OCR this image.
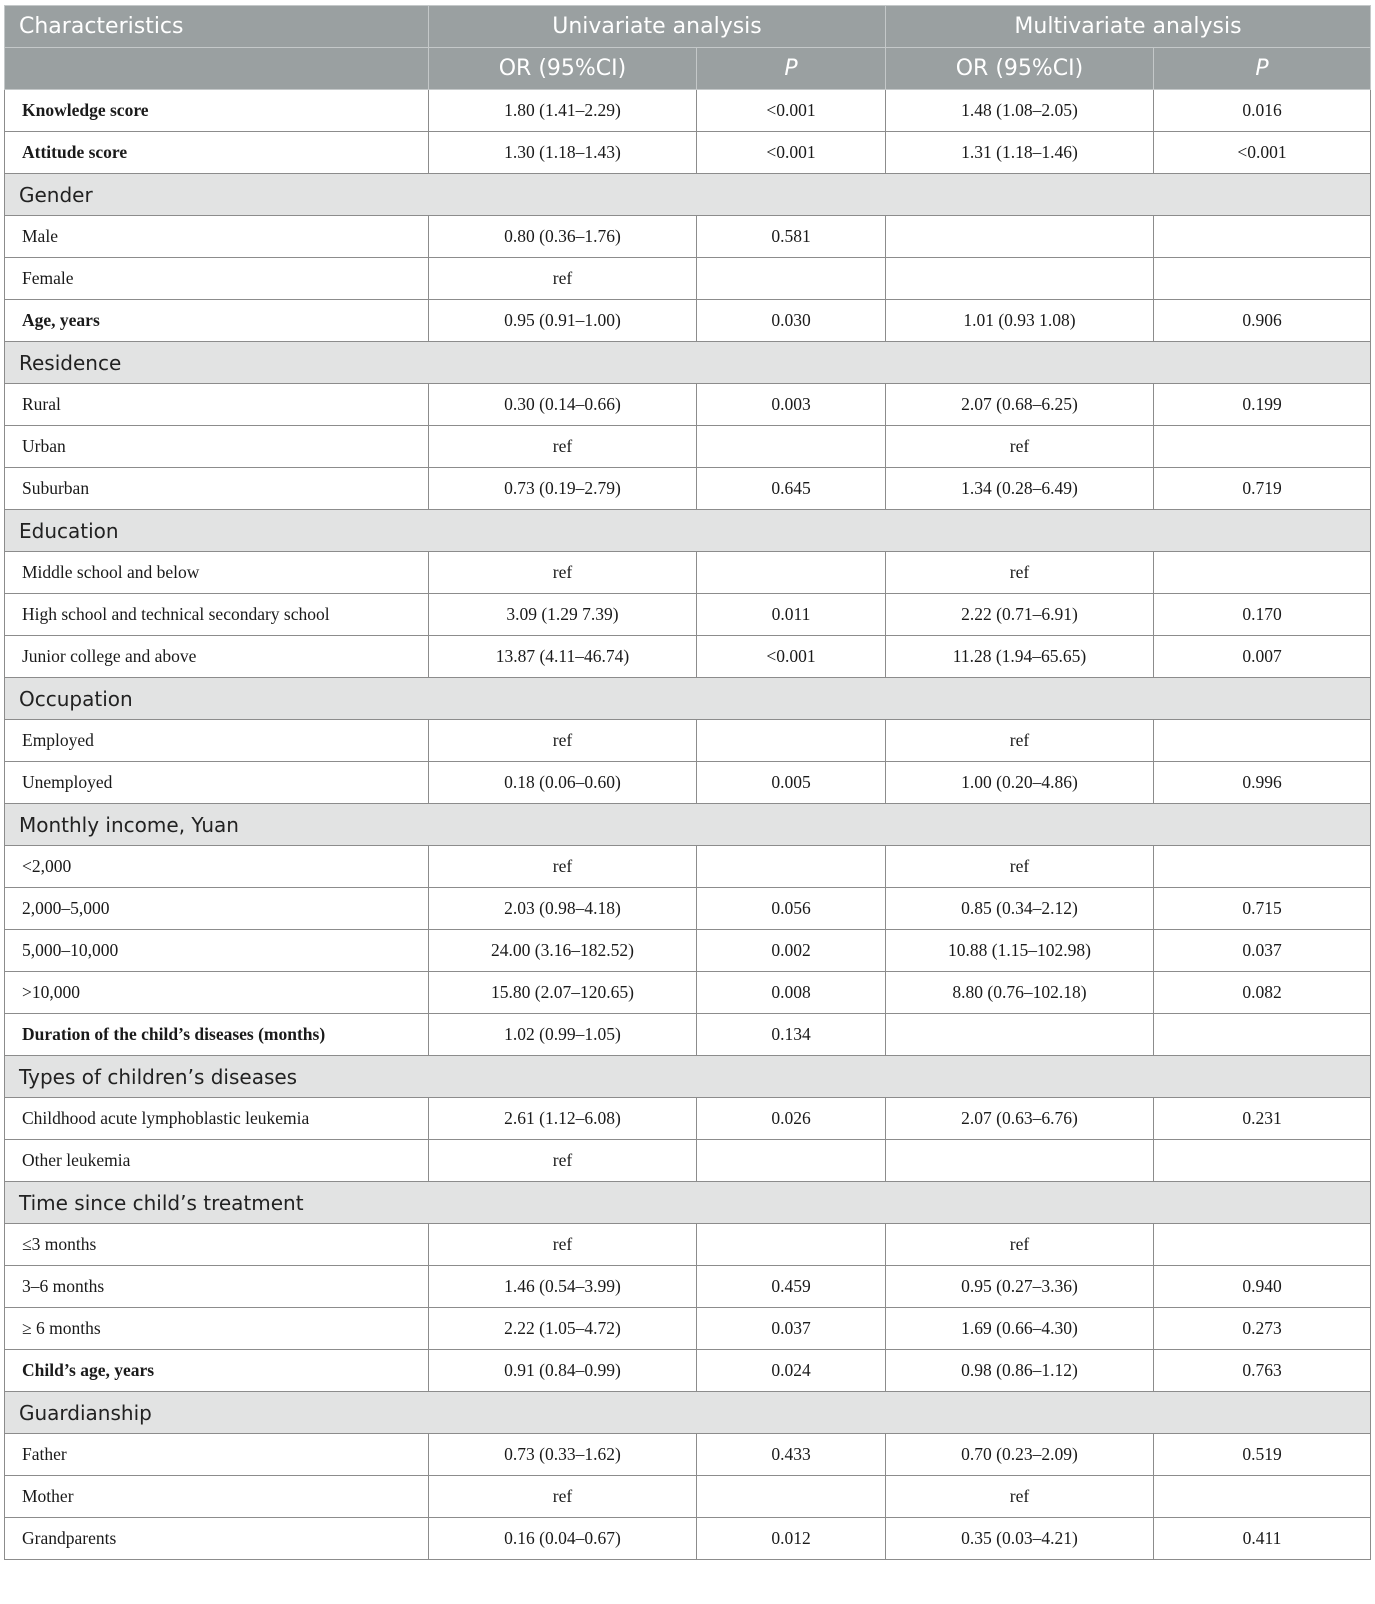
Characteristics	Univariate analysis		Multivariate analysis	
	OR (95%CI)	P	OR (95%CI)	P
Knowledge score	1.80 (1.41–2.29)	<0.001	1.48 (1.08–2.05)	0.016
Attitude score	1.30 (1.18–1.43)	<0.001	1.31 (1.18–1.46)	<0.001
Gender				
Male	0.80 (0.36–1.76)	0.581		
Female	ref			
Age, years	0.95 (0.91–1.00)	0.030	1.01 (0.93 1.08)	0.906
Residence				
Rural	0.30 (0.14–0.66)	0.003	2.07 (0.68–6.25)	0.199
Urban	ref		ref	
Suburban	0.73 (0.19–2.79)	0.645	1.34 (0.28–6.49)	0.719
Education				
Middle school and below	ref		ref	
High school and technical secondary school	3.09 (1.29 7.39)	0.011	2.22 (0.71–6.91)	0.170
Junior college and above	13.87 (4.11–46.74)	<0.001	11.28 (1.94–65.65)	0.007
Occupation				
Employed	ref		ref	
Unemployed	0.18 (0.06–0.60)	0.005	1.00 (0.20–4.86)	0.996
Monthly income, Yuan				
<2,000	ref		ref	
2,000–5,000	2.03 (0.98–4.18)	0.056	0.85 (0.34–2.12)	0.715
5,000–10,000	24.00 (3.16–182.52)	0.002	10.88 (1.15–102.98)	0.037
>10,000	15.80 (2.07–120.65)	0.008	8.80 (0.76–102.18)	0.082
Duration of the child’s diseases (months)	1.02 (0.99–1.05)	0.134		
Types of children’s diseases				
Childhood acute lymphoblastic leukemia	2.61 (1.12–6.08)	0.026	2.07 (0.63–6.76)	0.231
Other leukemia	ref			
Time since child’s treatment				
≤3 months	ref		ref	
3–6 months	1.46 (0.54–3.99)	0.459	0.95 (0.27–3.36)	0.940
≥ 6 months	2.22 (1.05–4.72)	0.037	1.69 (0.66–4.30)	0.273
Child’s age, years	0.91 (0.84–0.99)	0.024	0.98 (0.86–1.12)	0.763
Guardianship				
Father	0.73 (0.33–1.62)	0.433	0.70 (0.23–2.09)	0.519
Mother	ref		ref	
Grandparents	0.16 (0.04–0.67)	0.012	0.35 (0.03–4.21)	0.411
